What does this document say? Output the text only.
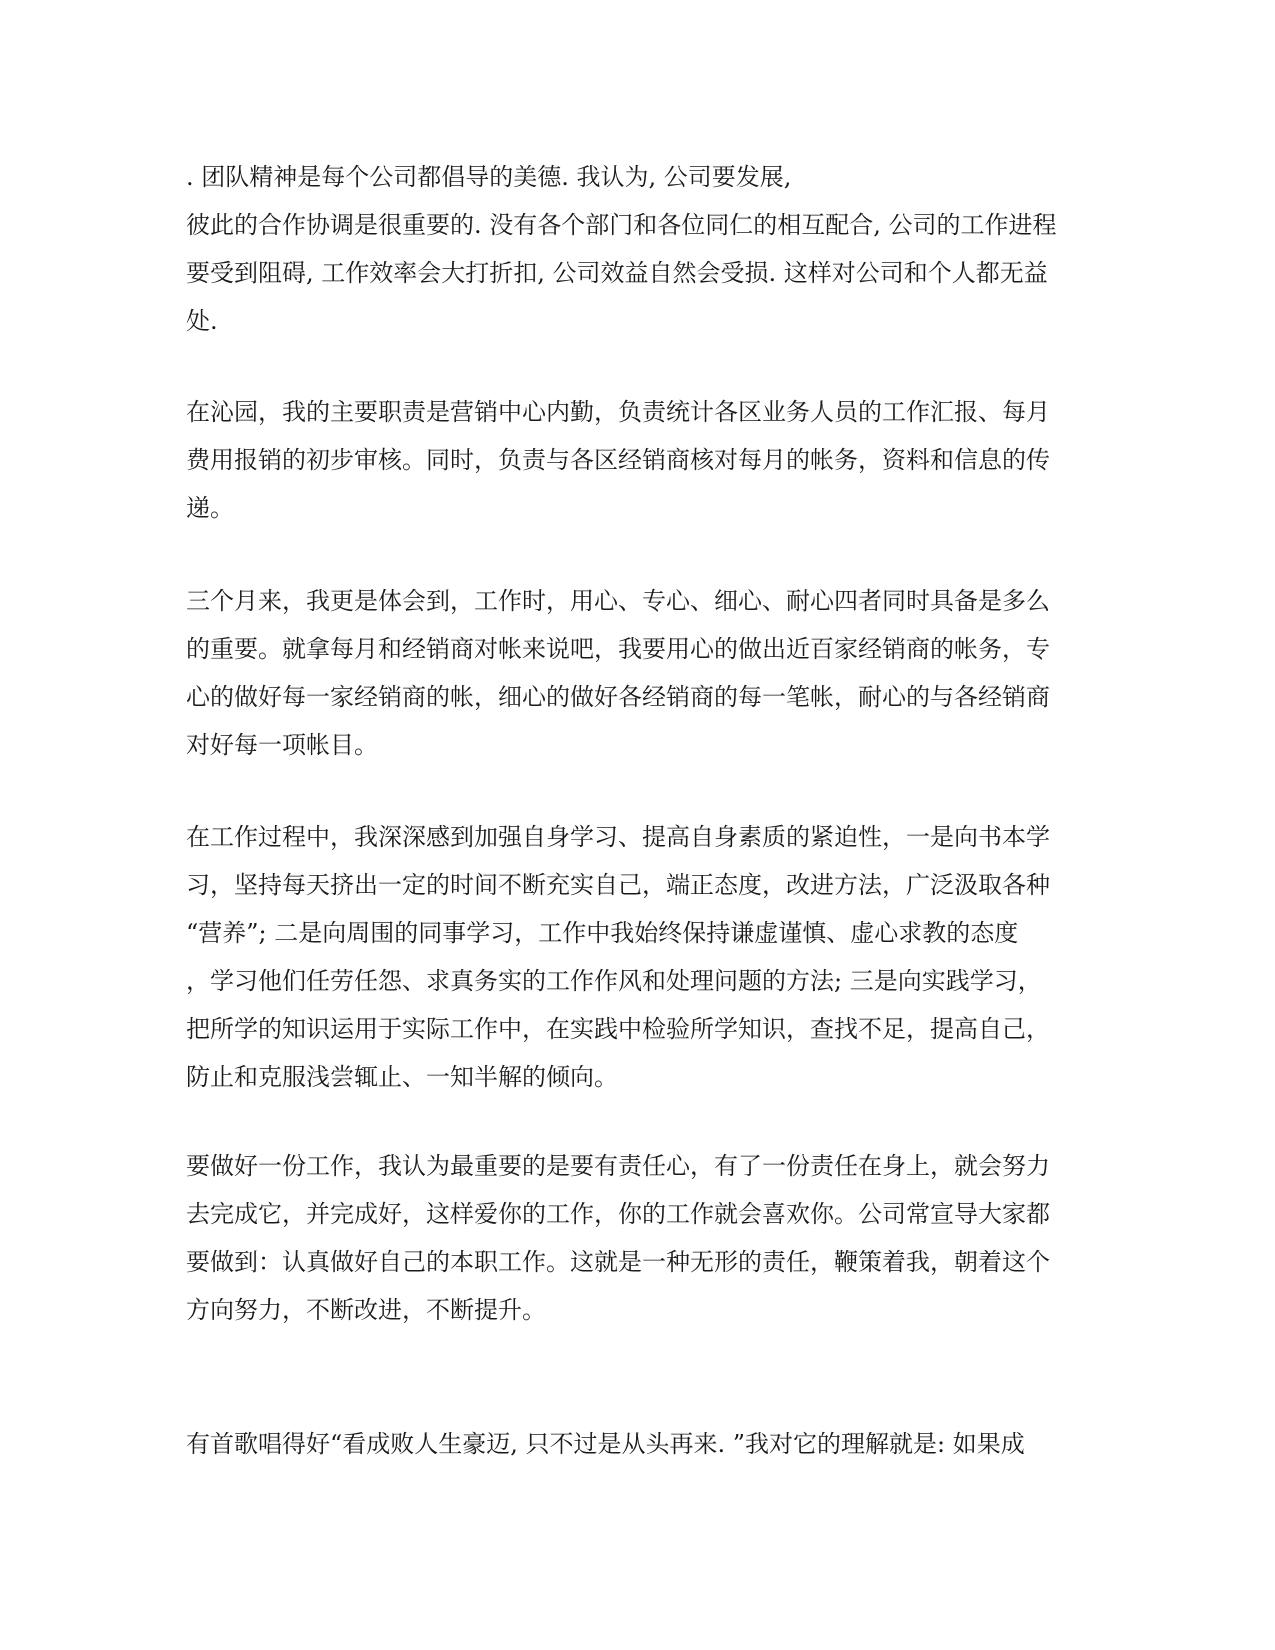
. 团队精神是每个公司都倡导的美德. 我认为, 公司要发展,
彼此的合作协调是很重要的. 没有各个部门和各位同仁的相互配合, 公司的工作进程
要受到阻碍, 工作效率会大打折扣, 公司效益自然会受损. 这样对公司和个人都无益
处.
在沁园，我的主要职责是营销中心内勤，负责统计各区业务人员的工作汇报、每月
费用报销的初步审核。同时，负责与各区经销商核对每月的帐务，资料和信息的传
递。
三个月来，我更是体会到，工作时，用心、专心、细心、耐心四者同时具备是多么
的重要。就拿每月和经销商对帐来说吧，我要用心的做出近百家经销商的帐务，专
心的做好每一家经销商的帐，细心的做好各经销商的每一笔帐，耐心的与各经销商
对好每一项帐目。
在工作过程中，我深深感到加强自身学习、提高自身素质的紧迫性，一是向书本学
习，坚持每天挤出一定的时间不断充实自己，端正态度，改进方法，广泛汲取各种
“营养”; 二是向周围的同事学习，工作中我始终保持谦虚谨慎、虚心求教的态度
，学习他们任劳任怨、求真务实的工作作风和处理问题的方法; 三是向实践学习，
把所学的知识运用于实际工作中，在实践中检验所学知识，查找不足，提高自己，
防止和克服浅尝辄止、一知半解的倾向。
要做好一份工作，我认为最重要的是要有责任心，有了一份责任在身上，就会努力
去完成它，并完成好，这样爱你的工作，你的工作就会喜欢你。公司常宣导大家都
要做到：认真做好自己的本职工作。这就是一种无形的责任，鞭策着我，朝着这个
方向努力，不断改进，不断提升。
有首歌唱得好“看成败人生豪迈, 只不过是从头再来. ”我对它的理解就是: 如果成
